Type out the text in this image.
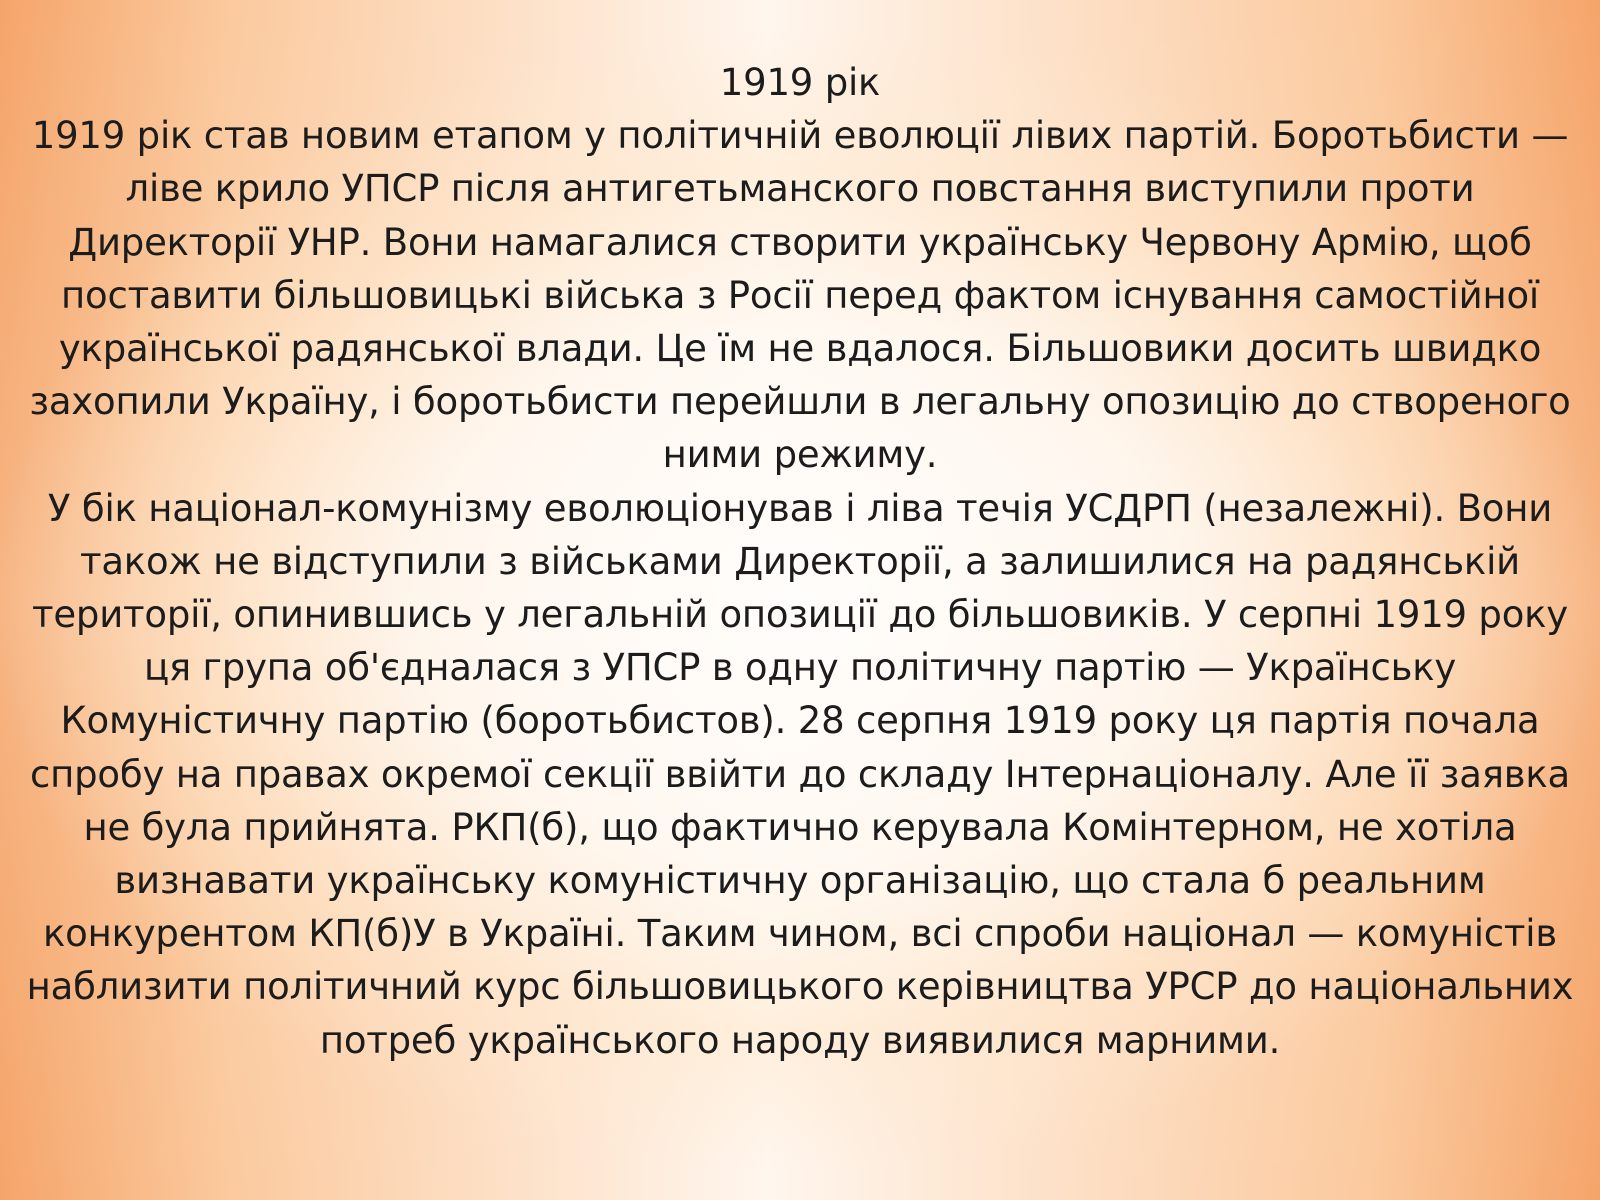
1919 рік

1919 рік став новим етапом у політичній еволюції лівих партій. Боротьбисти — ліве крило УПСР після антигетьманского повстання виступили проти Директорії УНР. Вони намагалися створити українську Червону Армію, щоб поставити більшовицькі війська з Росії перед фактом існування самостійної української радянської влади. Це їм не вдалося. Більшовики досить швидко захопили Україну, і боротьбисти перейшли в легальну опозицію до створеного ними режиму.

У бік націонал-комунізму еволюціонував і ліва течія УСДРП (незалежні). Вони також не відступили з військами Директорії, а залишилися на радянській території, опинившись у легальній опозиції до більшовиків. У серпні 1919 року ця група об'єдналася з УПСР в одну політичну партію — Українську Комуністичну партію (боротьбистов). 28 серпня 1919 року ця партія почала спробу на правах окремої секції ввійти до складу Інтернаціоналу. Але її заявка не була прийнята. РКП(б), що фактично керувала Комінтерном, не хотіла визнавати українську комуністичну організацію, що стала б реальним конкурентом КП(б)У в Україні. Таким чином, всі спроби націонал — комуністів наблизити політичний курс більшовицького керівництва УРСР до національних потреб українського народу виявилися марними.
